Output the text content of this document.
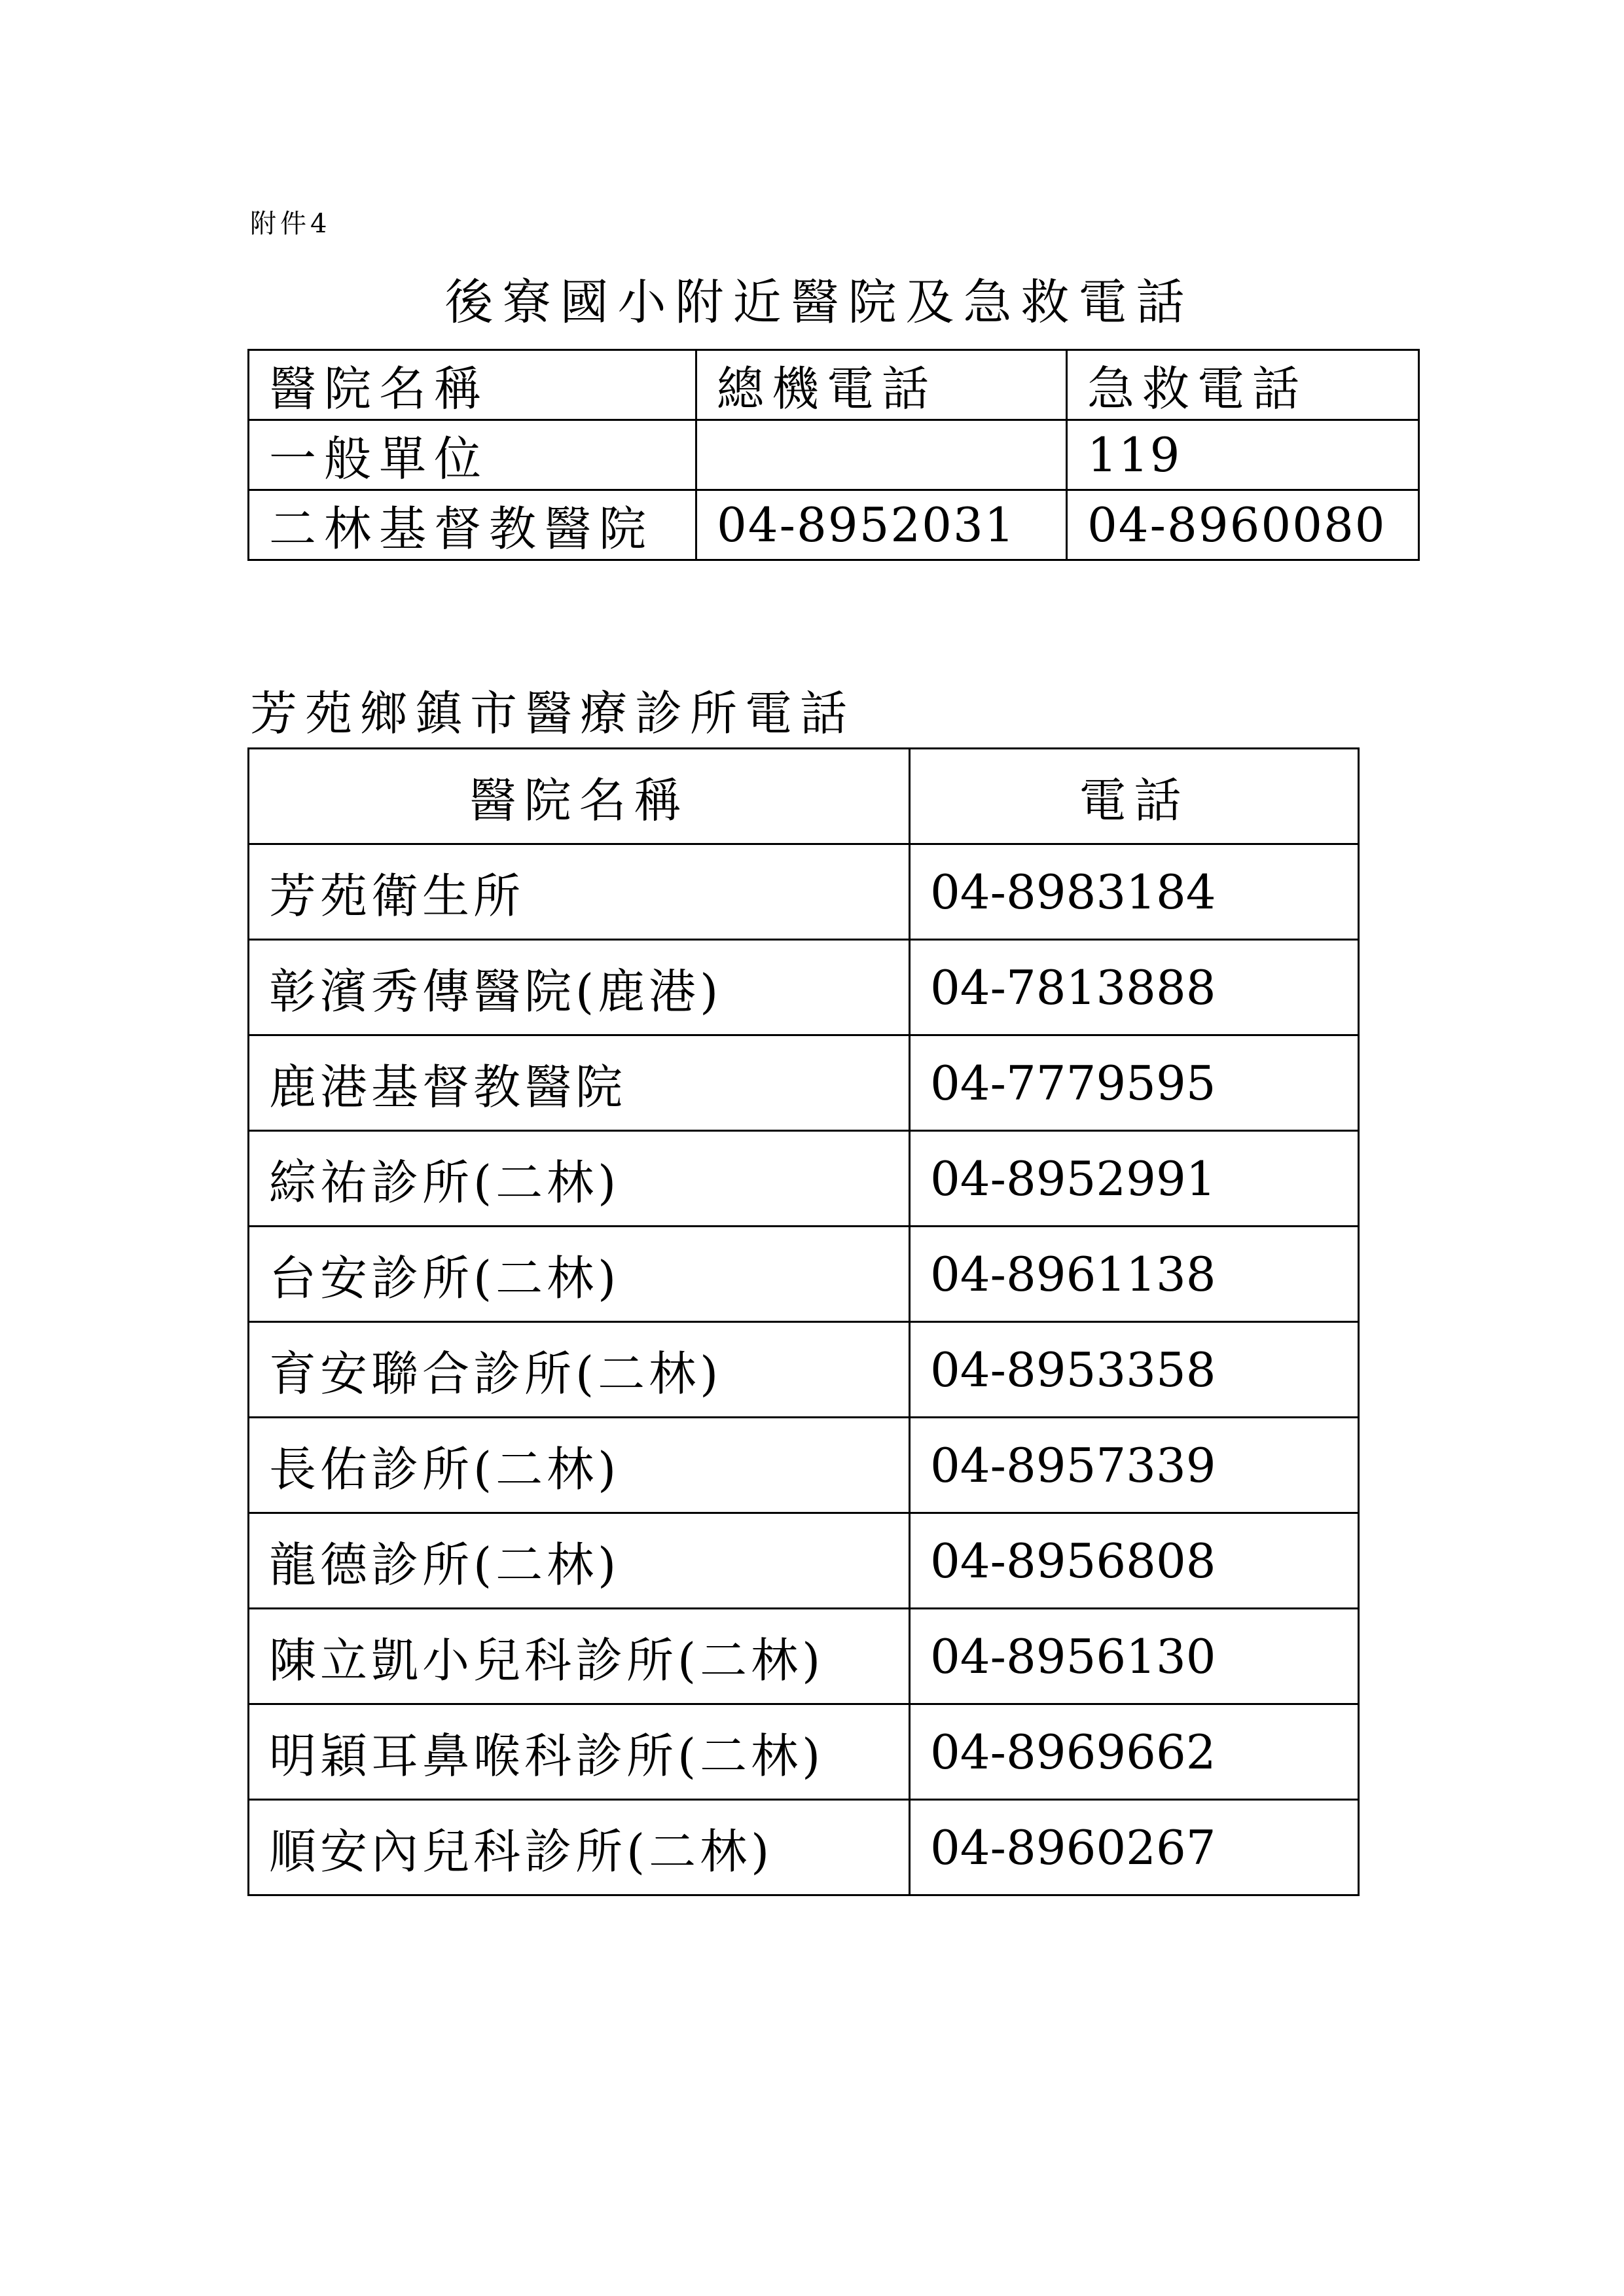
附件4
後寮國小附近醫院及急救電話
醫院名稱	總機電話	急救電話
一般單位		119
二林基督教醫院	04-8952031	04-8960080
芳苑鄉鎮市醫療診所電話
醫院名稱	電話
芳苑衛生所	04-8983184
彰濱秀傳醫院(鹿港)	04-7813888
鹿港基督教醫院	04-7779595
綜祐診所(二林)	04-8952991
台安診所(二林)	04-8961138
育安聯合診所(二林)	04-8953358
長佑診所(二林)	04-8957339
龍德診所(二林)	04-8956808
陳立凱小兒科診所(二林)	04-8956130
明穎耳鼻喉科診所(二林)	04-8969662
順安內兒科診所(二林)	04-8960267
